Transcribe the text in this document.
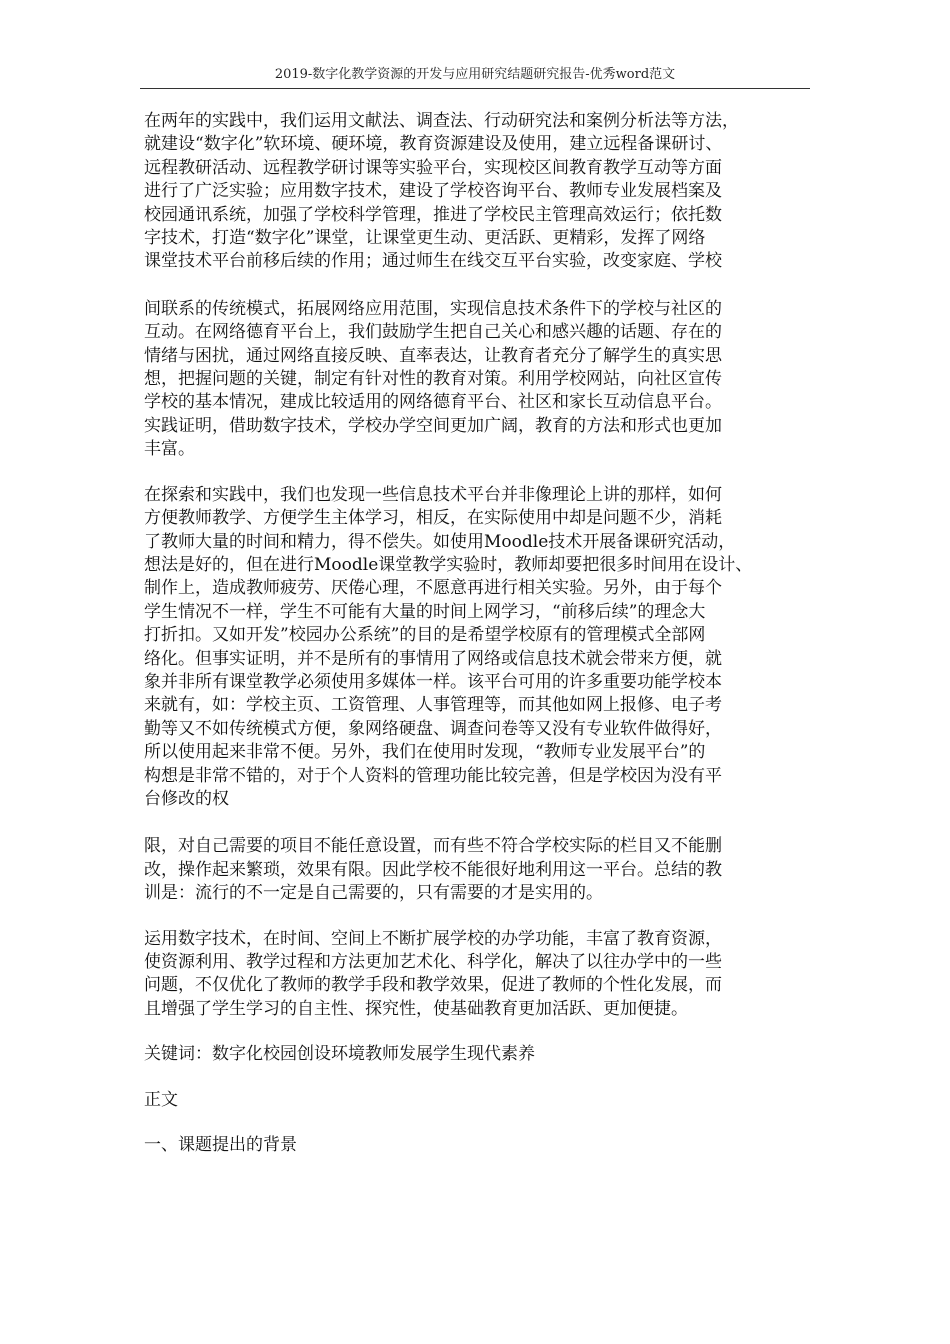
2019-数字化教学资源的开发与应用研究结题研究报告-优秀word范文

在两年的实践中，我们运用文献法、调查法、行动研究法和案例分析法等方法，
就建设“数字化”软环境、硬环境，教育资源建设及使用，建立远程备课研讨、
远程教研活动、远程教学研讨课等实验平台，实现校区间教育教学互动等方面
进行了广泛实验；应用数字技术，建设了学校咨询平台、教师专业发展档案及
校园通讯系统，加强了学校科学管理，推进了学校民主管理高效运行；依托数
字技术，打造“数字化”课堂，让课堂更生动、更活跃、更精彩，发挥了网络
课堂技术平台前移后续的作用；通过师生在线交互平台实验，改变家庭、学校

间联系的传统模式，拓展网络应用范围，实现信息技术条件下的学校与社区的
互动。在网络德育平台上，我们鼓励学生把自己关心和感兴趣的话题、存在的
情绪与困扰，通过网络直接反映、直率表达，让教育者充分了解学生的真实思
想，把握问题的关键，制定有针对性的教育对策。利用学校网站，向社区宣传
学校的基本情况，建成比较适用的网络德育平台、社区和家长互动信息平台。
实践证明，借助数字技术，学校办学空间更加广阔，教育的方法和形式也更加
丰富。

在探索和实践中，我们也发现一些信息技术平台并非像理论上讲的那样，如何
方便教师教学、方便学生主体学习，相反，在实际使用中却是问题不少，消耗
了教师大量的时间和精力，得不偿失。如使用Moodle技术开展备课研究活动，
想法是好的，但在进行Moodle课堂教学实验时，教师却要把很多时间用在设计、
制作上，造成教师疲劳、厌倦心理，不愿意再进行相关实验。另外，由于每个
学生情况不一样，学生不可能有大量的时间上网学习，“前移后续”的理念大
打折扣。又如开发”校园办公系统”的目的是希望学校原有的管理模式全部网
络化。但事实证明，并不是所有的事情用了网络或信息技术就会带来方便，就
象并非所有课堂教学必须使用多媒体一样。该平台可用的许多重要功能学校本
来就有，如：学校主页、工资管理、人事管理等，而其他如网上报修、电子考
勤等又不如传统模式方便，象网络硬盘、调查问卷等又没有专业软件做得好，
所以使用起来非常不便。另外，我们在使用时发现，“教师专业发展平台”的
构想是非常不错的，对于个人资料的管理功能比较完善，但是学校因为没有平
台修改的权

限，对自己需要的项目不能任意设置，而有些不符合学校实际的栏目又不能删
改，操作起来繁琐，效果有限。因此学校不能很好地利用这一平台。总结的教
训是：流行的不一定是自己需要的，只有需要的才是实用的。

运用数字技术，在时间、空间上不断扩展学校的办学功能，丰富了教育资源，
使资源利用、教学过程和方法更加艺术化、科学化，解决了以往办学中的一些
问题，不仅优化了教师的教学手段和教学效果，促进了教师的个性化发展，而
且增强了学生学习的自主性、探究性，使基础教育更加活跃、更加便捷。

关键词：数字化校园创设环境教师发展学生现代素养

正文

一、课题提出的背景
